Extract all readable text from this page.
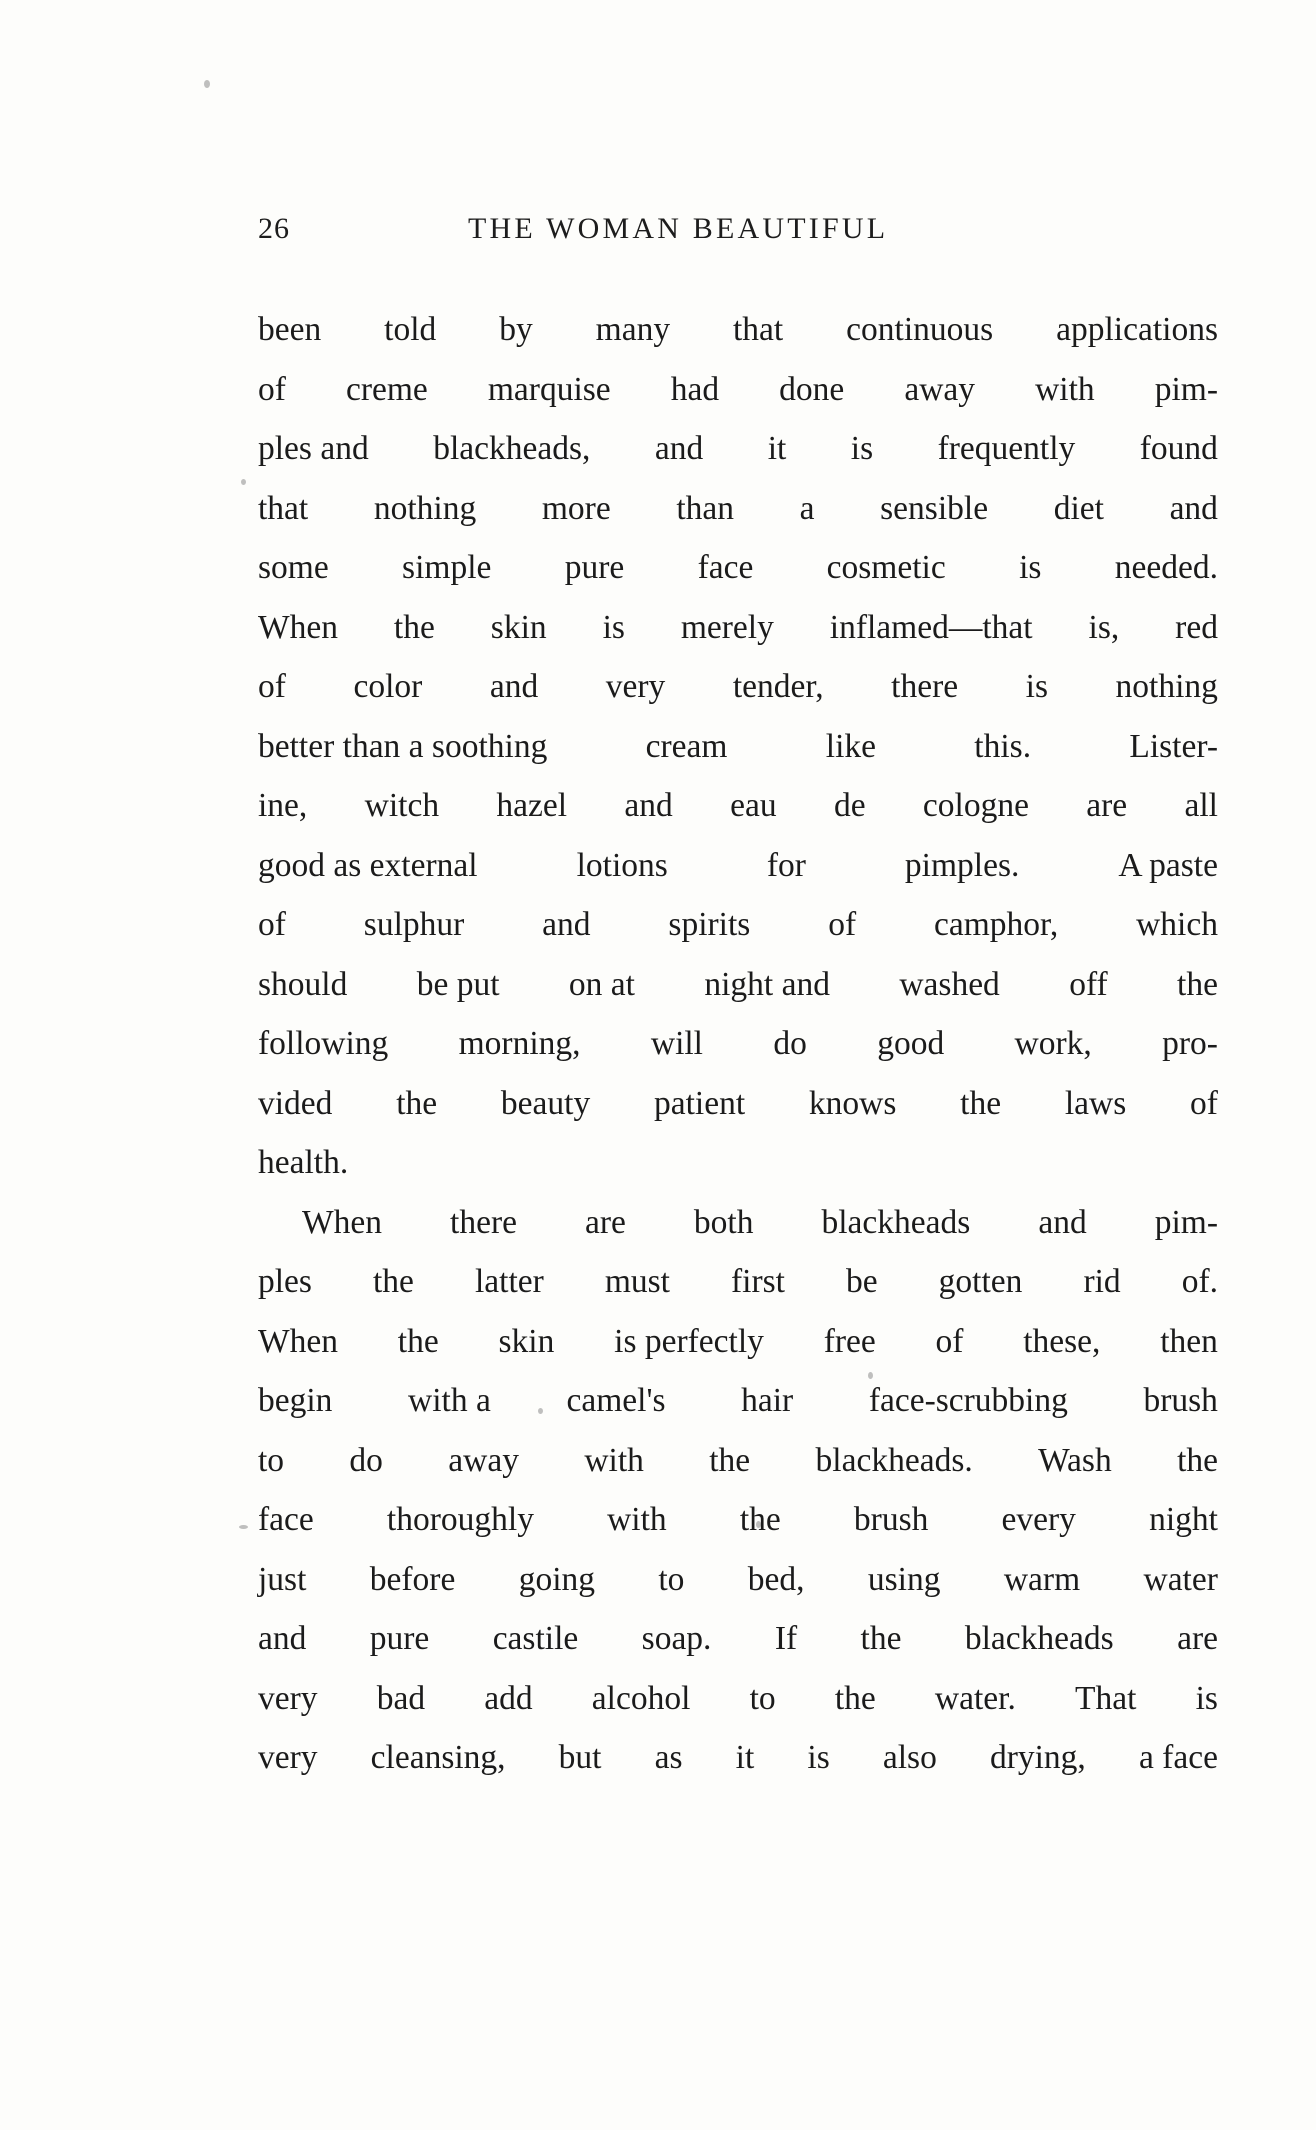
26	THE WOMAN BEAUTIFUL

been told by many that continuous applications
of creme marquise had done away with pim-
ples and blackheads, and it is frequently found
that nothing more than a sensible diet and
some simple pure face cosmetic is needed.
When the skin is merely inflamed—that is, red
of color and very tender, there is nothing
better than a soothing	cream	like	this.	Lister-
ine, witch hazel and eau de cologne are all
good as external	lotions	for	pimples.	A paste
of sulphur and spirits of camphor, which
should be put on at night and washed off the
following morning, will do good work, pro-
vided the beauty patient knows the laws of
health.

When there are both blackheads and pim-
ples the latter must first be gotten rid of.
When the skin is perfectly free of these, then
begin with a camel's hair face-scrubbing brush
to do away with the blackheads. Wash the
face thoroughly with the brush every night
just before going to bed, using warm water
and pure castile soap. If the blackheads are
very bad add alcohol to the water. That is
very cleansing, but as it is also drying, a face
